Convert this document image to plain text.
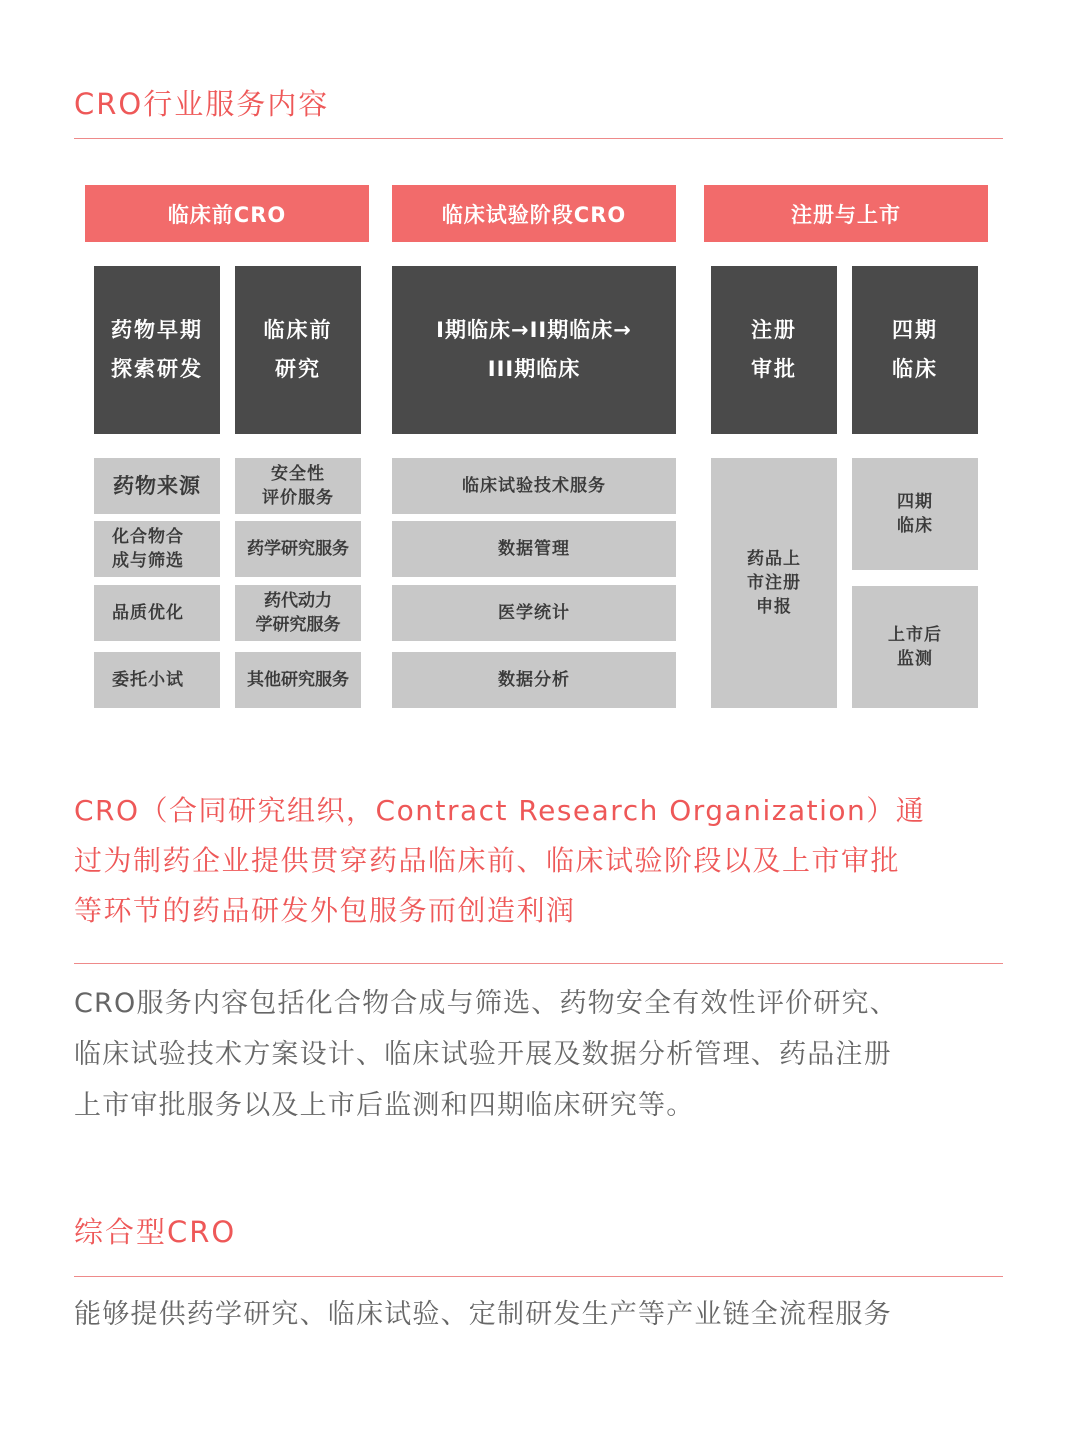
CRO行业服务内容
临床前CRO	临床试验阶段CRO	注册与上市
药物早期
探索研发
临床前
研究
I期临床→II期临床→
III期临床
注册
审批
四期
临床
药物来源
化合物合
成与筛选
品质优化
委托小试
安全性
评价服务
药学研究服务
药代动力
学研究服务
其他研究服务
临床试验技术服务
数据管理
医学统计
数据分析
药品上
市注册
申报
四期
临床
上市后
监测
CRO（合同研究组织，Contract Research Organization）通
过为制药企业提供贯穿药品临床前、临床试验阶段以及上市审批
等环节的药品研发外包服务而创造利润
CRO服务内容包括化合物合成与筛选、药物安全有效性评价研究、
临床试验技术方案设计、临床试验开展及数据分析管理、药品注册
上市审批服务以及上市后监测和四期临床研究等。
综合型CRO
能够提供药学研究、临床试验、定制研发生产等产业链全流程服务
